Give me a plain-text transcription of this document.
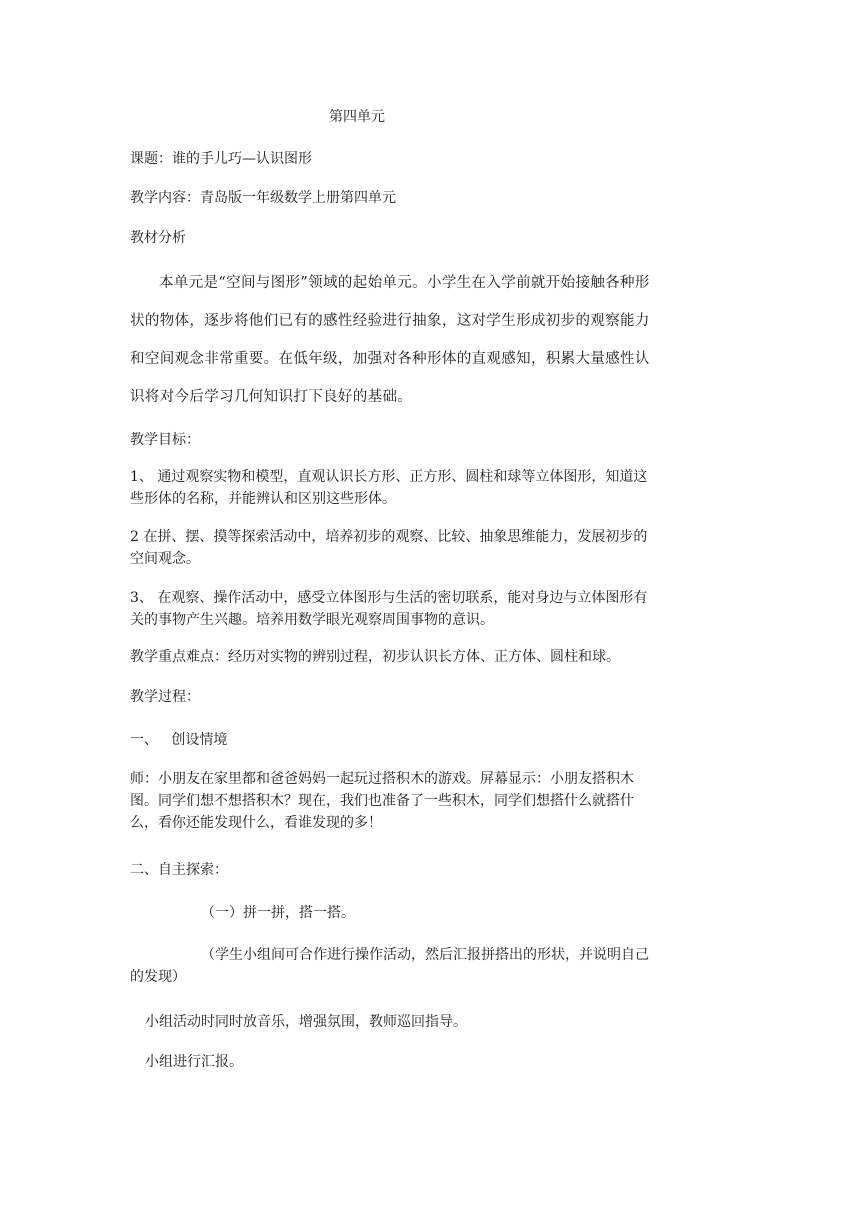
第四单元

课题：谁的手儿巧—认识图形

教学内容：青岛版一年级数学上册第四单元

教材分析

本单元是“空间与图形”领域的起始单元。小学生在入学前就开始接触各种形状的物体，逐步将他们已有的感性经验进行抽象，这对学生形成初步的观察能力和空间观念非常重要。在低年级，加强对各种形体的直观感知，积累大量感性认识将对今后学习几何知识打下良好的基础。

教学目标：

1、 通过观察实物和模型，直观认识长方形、正方形、圆柱和球等立体图形，知道这些形体的名称，并能辨认和区别这些形体。

2 在拼、摆、摸等探索活动中，培养初步的观察、比较、抽象思维能力，发展初步的空间观念。

3、 在观察、操作活动中，感受立体图形与生活的密切联系，能对身边与立体图形有关的事物产生兴趣。培养用数学眼光观察周围事物的意识。

教学重点难点：经历对实物的辨别过程，初步认识长方体、正方体、圆柱和球。

教学过程：

一、   创设情境

师：小朋友在家里都和爸爸妈妈一起玩过搭积木的游戏。屏幕显示：小朋友搭积木图。同学们想不想搭积木？现在，我们也准备了一些积木，同学们想搭什么就搭什么，看你还能发现什么，看谁发现的多！

二、自主探索：

（一）拼一拼，搭一搭。

（学生小组间可合作进行操作活动，然后汇报拼搭出的形状，并说明自己的发现）

小组活动时同时放音乐，增强氛围，教师巡回指导。

小组进行汇报。
